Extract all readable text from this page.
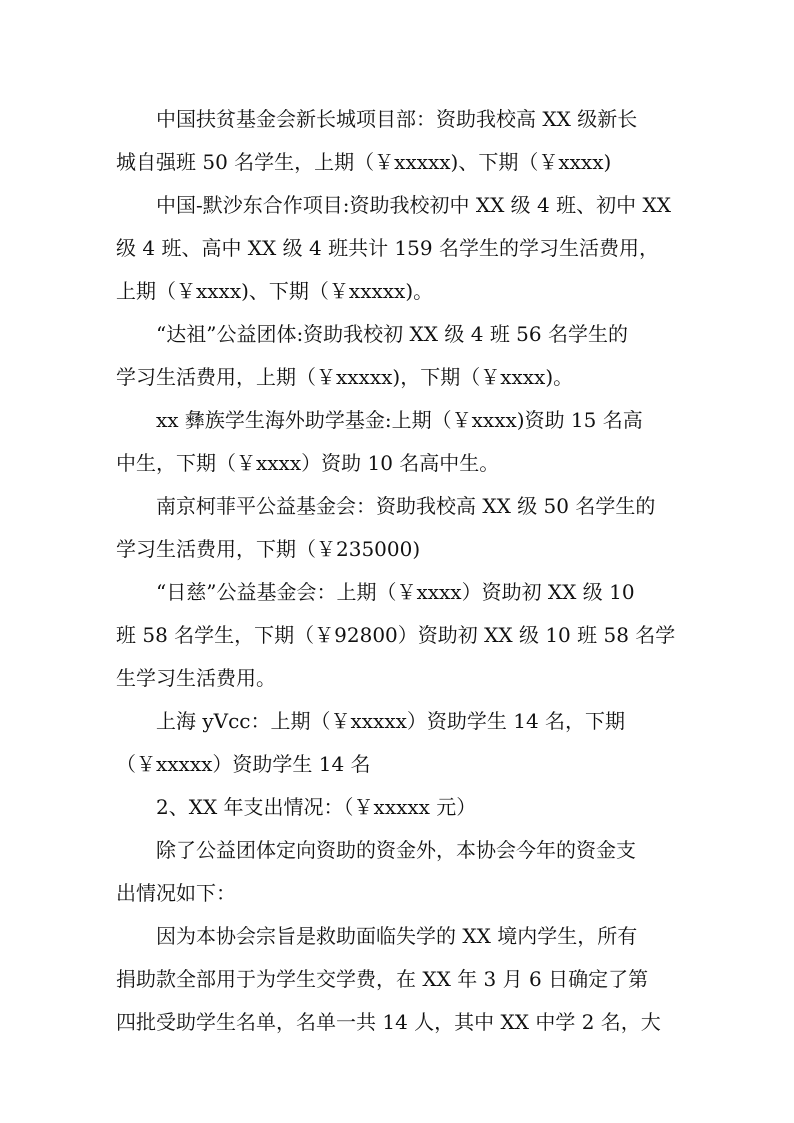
中国扶贫基金会新长城项目部：资助我校高 XX 级新长
城自强班 50 名学生，上期（￥xxxxx)、下期（￥xxxx)

中国-默沙东合作项目:资助我校初中 XX 级 4 班、初中 XX
级 4 班、高中 XX 级 4 班共计 159 名学生的学习生活费用，
上期（￥xxxx)、下期（￥xxxxx)。

“达祖”公益团体:资助我校初 XX 级 4 班 56 名学生的
学习生活费用，上期（￥xxxxx)，下期（￥xxxx)。

xx 彝族学生海外助学基金:上期（￥xxxx)资助 15 名高
中生，下期（￥xxxx）资助 10 名高中生。

南京柯菲平公益基金会：资助我校高 XX 级 50 名学生的
学习生活费用，下期（￥235000)

“日慈”公益基金会：上期（￥xxxx）资助初 XX 级 10
班 58 名学生，下期（￥92800）资助初 XX 级 10 班 58 名学
生学习生活费用。

上海 yVcc：上期（￥xxxxx）资助学生 14 名，下期
（￥xxxxx）资助学生 14 名

2、XX 年支出情况：（￥xxxxx 元）

除了公益团体定向资助的资金外，本协会今年的资金支
出情况如下：

因为本协会宗旨是救助面临失学的 XX 境内学生，所有
捐助款全部用于为学生交学费，在 XX 年 3 月 6 日确定了第
四批受助学生名单，名单一共 14 人，其中 XX 中学 2 名，大
